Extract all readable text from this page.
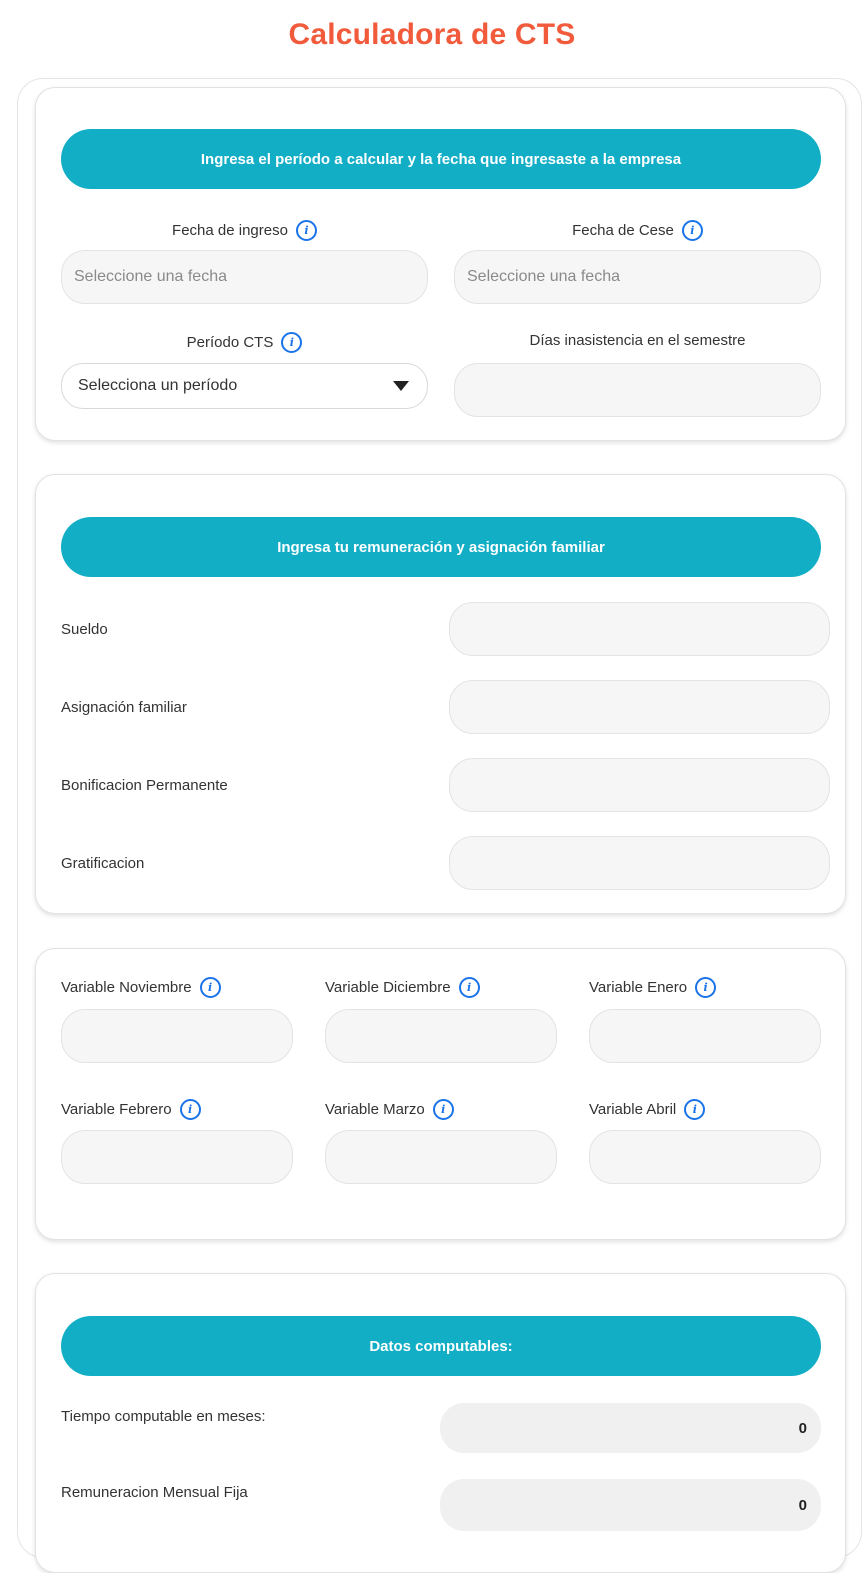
Calculadora de CTS
Ingresa el período a calcular y la fecha que ingresaste a la empresa
Fecha de ingreso	i
Seleccione una fecha
Fecha de Cese	i
Seleccione una fecha
Período CTS	i
Selecciona un período
Días inasistencia en el semestre
Ingresa tu remuneración y asignación familiar
Sueldo
Asignación familiar
Bonificacion Permanente
Gratificacion
Variable Noviembre	i	Variable Diciembre	i	Variable Enero	i
Variable Febrero	i	Variable Marzo	i	Variable Abril	i
Datos computables:
Tiempo computable en meses:
0
Remuneracion Mensual Fija
0
